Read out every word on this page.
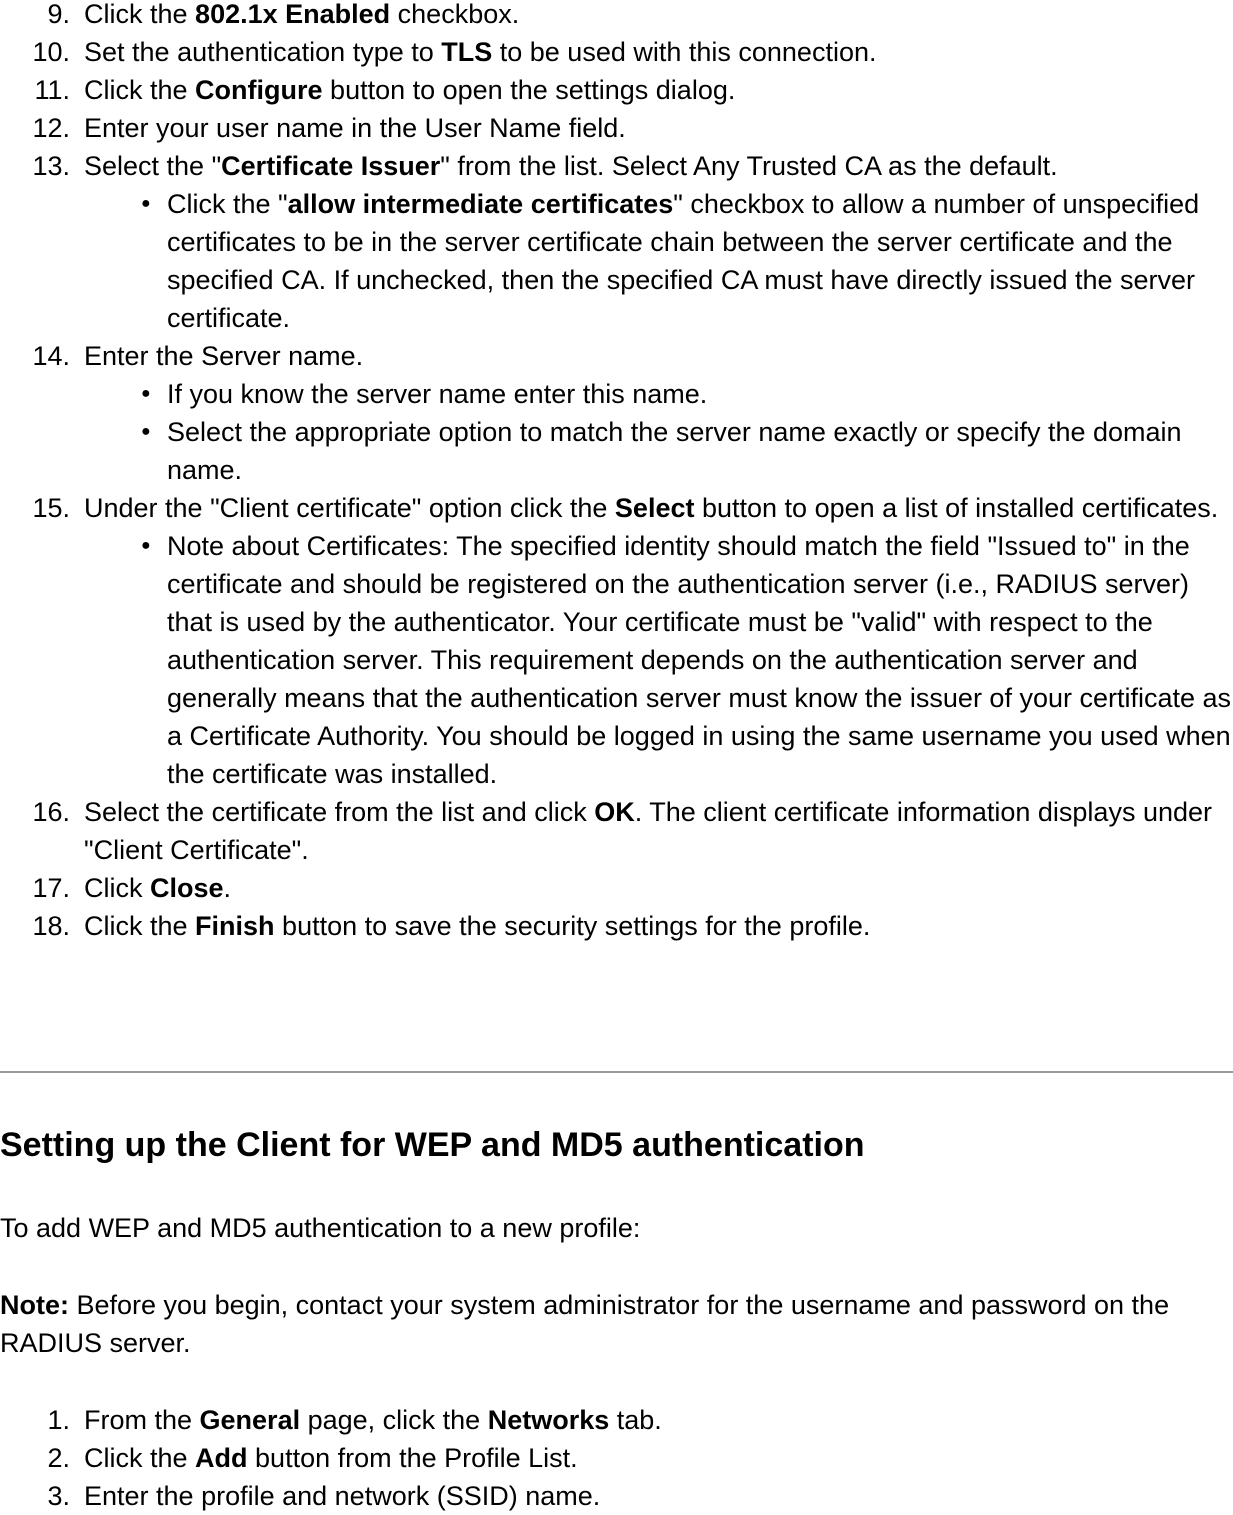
9. Click the 802.1x Enabled checkbox.
10. Set the authentication type to TLS to be used with this connection.
11. Click the Configure button to open the settings dialog.
12. Enter your user name in the User Name field.
13. Select the "Certificate Issuer" from the list. Select Any Trusted CA as the default.
● Click the "allow intermediate certificates" checkbox to allow a number of unspecified certificates to be in the server certificate chain between the server certificate and the specified CA. If unchecked, then the specified CA must have directly issued the server certificate.
14. Enter the Server name.
● If you know the server name enter this name.
● Select the appropriate option to match the server name exactly or specify the domain name.
15. Under the "Client certificate" option click the Select button to open a list of installed certificates.
● Note about Certificates: The specified identity should match the field "Issued to" in the certificate and should be registered on the authentication server (i.e., RADIUS server) that is used by the authenticator. Your certificate must be "valid" with respect to the authentication server. This requirement depends on the authentication server and generally means that the authentication server must know the issuer of your certificate as a Certificate Authority. You should be logged in using the same username you used when the certificate was installed.
16. Select the certificate from the list and click OK. The client certificate information displays under "Client Certificate".
17. Click Close.
18. Click the Finish button to save the security settings for the profile.
Setting up the Client for WEP and MD5 authentication

To add WEP and MD5 authentication to a new profile:

Note: Before you begin, contact your system administrator for the username and password on the RADIUS server.

1. From the General page, click the Networks tab.
2. Click the Add button from the Profile List.
3. Enter the profile and network (SSID) name.
